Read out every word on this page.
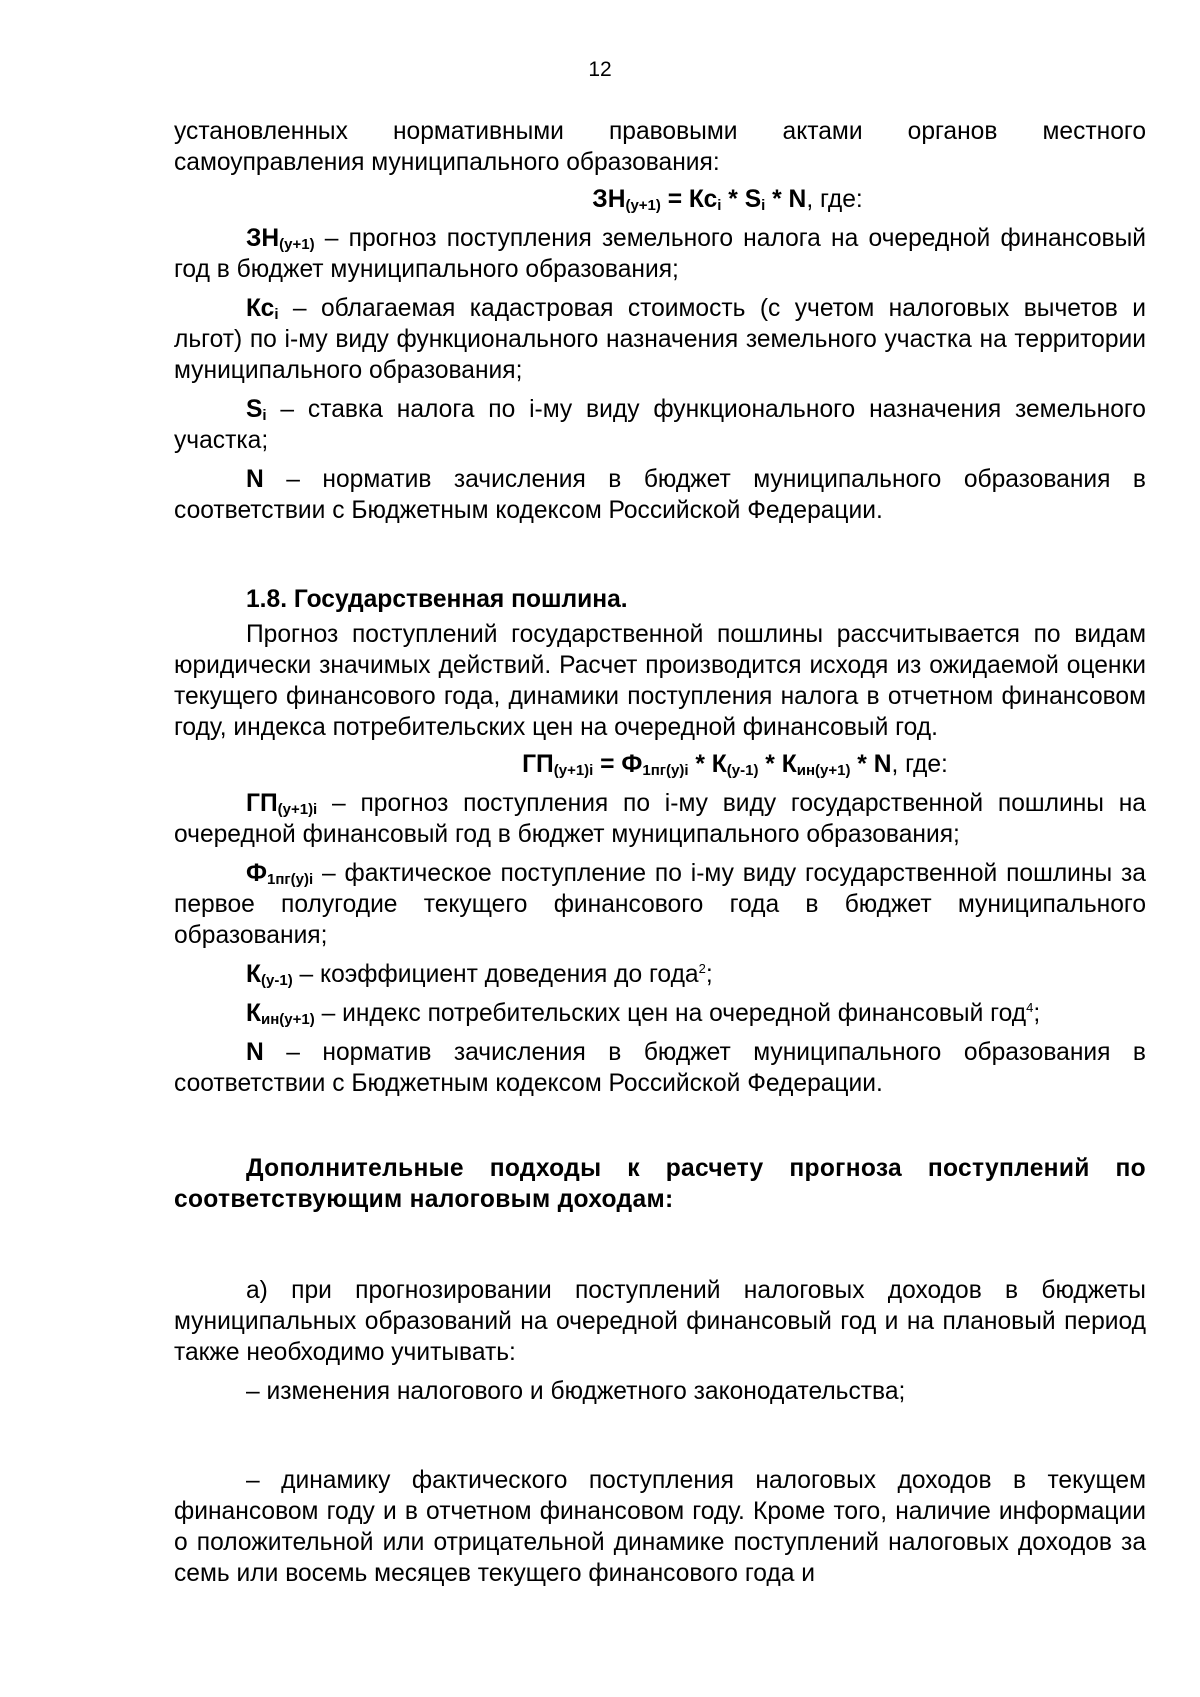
12

установленных нормативными правовыми актами органов местного самоуправления муниципального образования:

$ЗН_{(у+1)} = Кс_i * S_i * N$, где:

$ЗН_{(у+1)}$ – прогноз поступления земельного налога на очередной финансовый год в бюджет муниципального образования;

$Кс_i$ – облагаемая кадастровая стоимость (с учетом налоговых вычетов и льгот) по i-му виду функционального назначения земельного участка на территории муниципального образования;

$S_i$ – ставка налога по i-му виду функционального назначения земельного участка;

N – норматив зачисления в бюджет муниципального образования в соответствии с Бюджетным кодексом Российской Федерации.

1.8. Государственная пошлина.

Прогноз поступлений государственной пошлины рассчитывается по видам юридически значимых действий. Расчет производится исходя из ожидаемой оценки текущего финансового года, динамики поступления налога в отчетном финансовом году, индекса потребительских цен на очередной финансовый год.

$ГП_{(у+1)i} = Ф_{1пг(у)i} * К_{(у-1)} * К_{ин(у+1)} * N$, где:

$ГП_{(у+1)i}$ – прогноз поступления по i-му виду государственной пошлины на очередной финансовый год в бюджет муниципального образования;

$Ф_{1пг(у)i}$ – фактическое поступление по i-му виду государственной пошлины за первое полугодие текущего финансового года в бюджет муниципального образования;

$К_{(у-1)}$ – коэффициент доведения до года$^2$;

$К_{ин(у+1)}$ – индекс потребительских цен на очередной финансовый год$^4$;

N – норматив зачисления в бюджет муниципального образования в соответствии с Бюджетным кодексом Российской Федерации.

Дополнительные подходы к расчету прогноза поступлений по соответствующим налоговым доходам:

а) при прогнозировании поступлений налоговых доходов в бюджеты муниципальных образований на очередной финансовый год и на плановый период также необходимо учитывать:

– изменения налогового и бюджетного законодательства;

– динамику фактического поступления налоговых доходов в текущем финансовом году и в отчетном финансовом году. Кроме того, наличие информации о положительной или отрицательной динамике поступлений налоговых доходов за семь или восемь месяцев текущего финансового года и
